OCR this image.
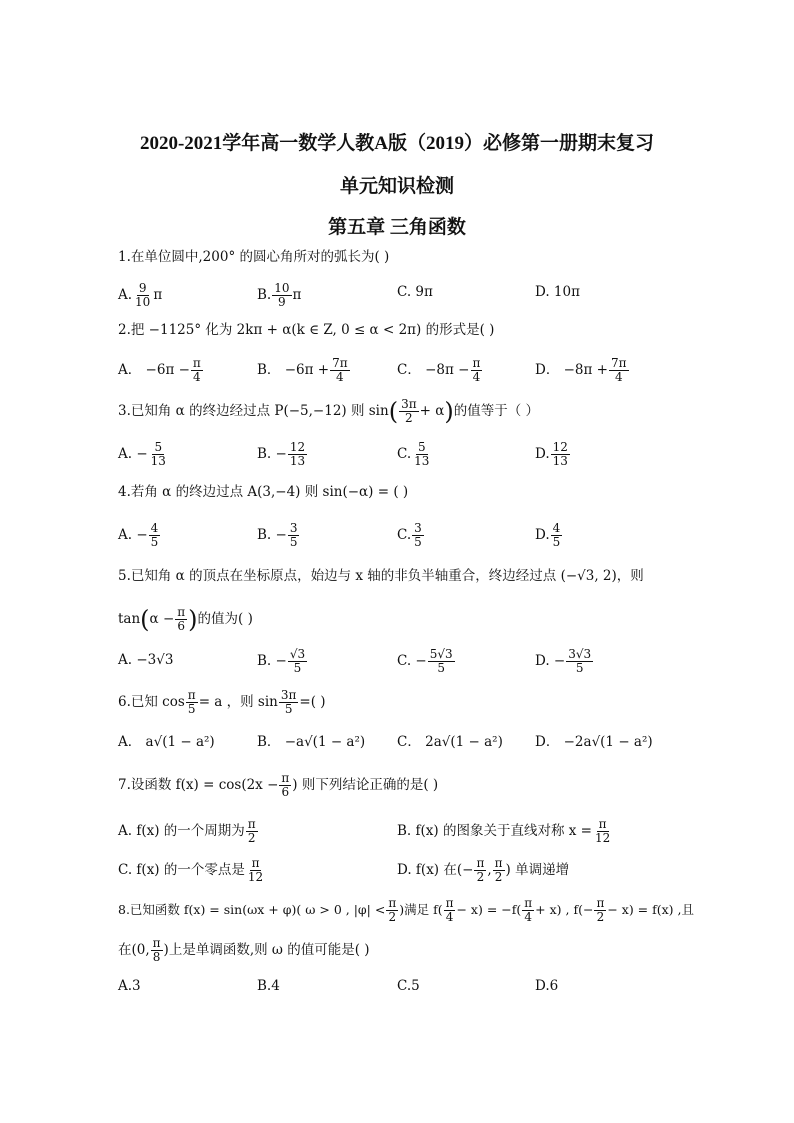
2020-2021学年高一数学人教A版（2019）必修第一册期末复习
单元知识检测
第五章 三角函数
1.在单位圆中,200° 的圆心角所对的弧长为( )
A. $\frac{9}{10}$ π	B. $\frac{10}{9}$ π	C. 9π	D. 10π
2.把 −1125° 化为 2kπ + α(k ∈ Z, 0 ≤ α < 2π) 的形式是( )
A． $-6\pi - \frac{\pi}{4}$	B． $-6\pi + \frac{7\pi}{4}$	C． $-8\pi - \frac{\pi}{4}$	D． $-8\pi + \frac{7\pi}{4}$
3.已知角 α 的终边经过点 P(−5,−12) 则 $\sin( \frac{3\pi}{2} + \alpha)$的值等于（ ）
A. − $\frac{5}{13}$	B. − $\frac{12}{13}$	C. $\frac{5}{13}$	D. $\frac{12}{13}$
4.若角 α 的终边过点 A(3,−4) 则 sin(−α) = ( )
A. − $\frac{4}{5}$	B. − $\frac{3}{5}$	C. $\frac{3}{5}$	D. $\frac{4}{5}$
5.已知角 α 的顶点在坐标原点，始边与 x 轴的非负半轴重合，终边经过点 (−√3, 2)，则
$\tan(\alpha - \frac{\pi}{6}$ )的值为( )
A. −3√3	B. − $\frac{√3}{5}$	C. − $\frac{5√3}{5}$	D. − $\frac{3√3}{5}$
6.已知 $\cos \frac{\pi}{5} = a$ ，则 $\sin \frac{3\pi}{5}$ =( )
A． a√(1 − a²)	B． −a√(1 − a²) C． 2a√(1 − a²) D． −2a√(1 − a²)
7.设函数 $f(x) = \cos(2x - \frac{\pi}{6}$ ) 则下列结论正确的是( )
A. f(x) 的一个周期为 $\frac{\pi}{2}$	B. f(x) 的图象关于直线对称 $x = \frac{\pi}{12}$
C. f(x) 的一个零点是 $\frac{\pi}{12}$	D. f(x) 在(− $\frac{\pi}{2}$ , $\frac{\pi}{2}$ ) 单调递增
8.已知函数 f(x) = sin(ωx + φ)( ω > 0 , $|\varphi| < \frac{\pi}{2}$ )满足 $f( \frac{\pi}{4} - x) = -f( \frac{\pi}{4} + x)$ , $f(- \frac{\pi}{2} - x) = f(x)$ ,且
在(0, $\frac{\pi}{8}$ )上是单调函数,则 ω 的值可能是( )
A.3	B.4	C.5	D.6
